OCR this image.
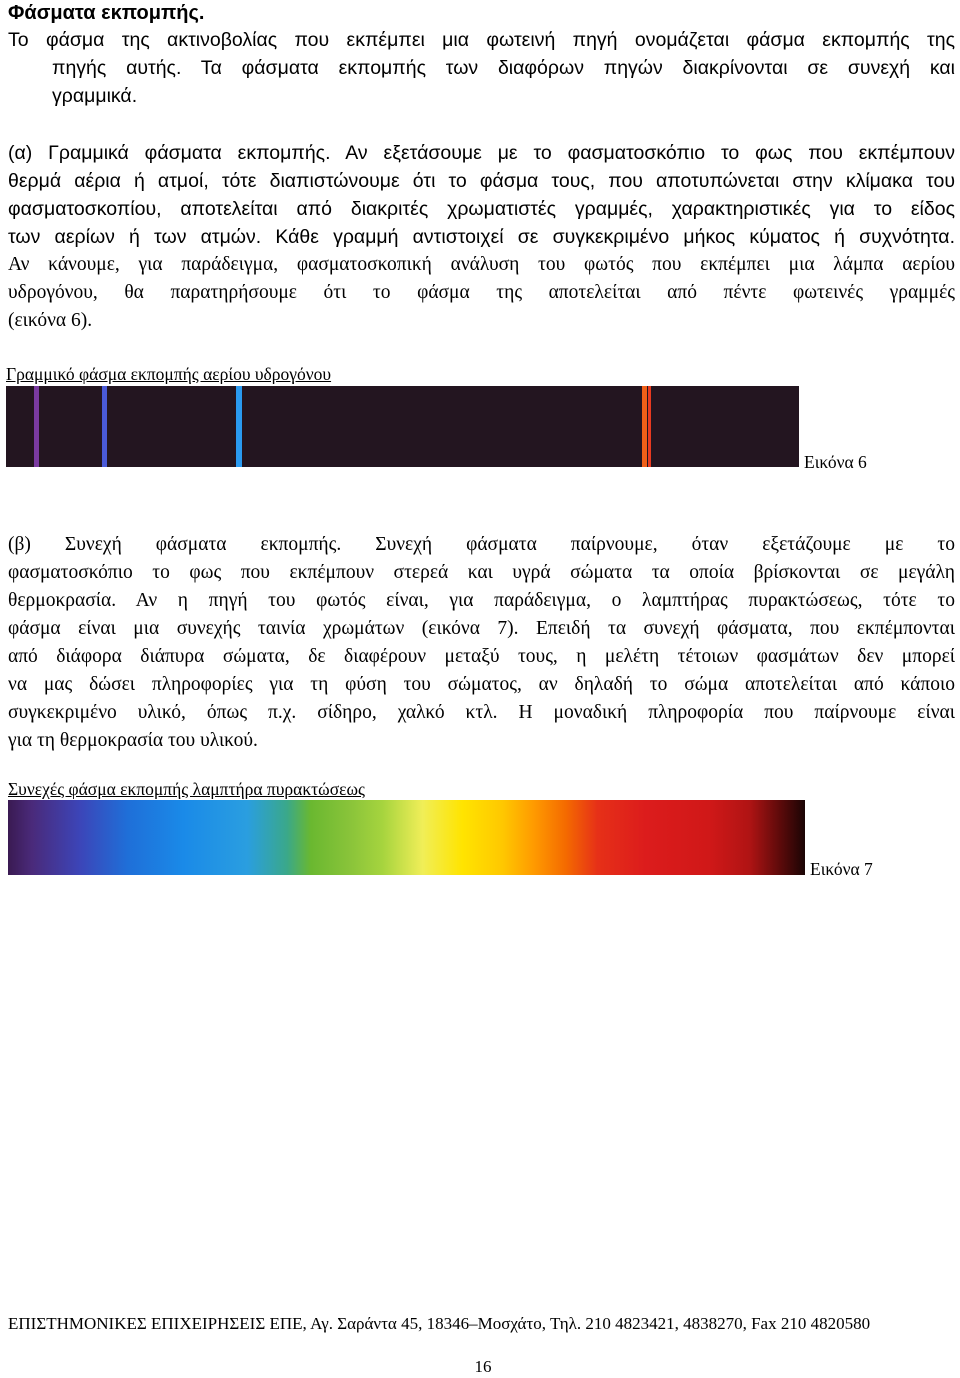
Φάσματα εκπομπής.
Το φάσμα της ακτινοβολίας που εκπέμπει μια φωτεινή πηγή ονομάζεται φάσμα εκπομπής της
πηγής αυτής. Τα φάσματα εκπομπής των διαφόρων πηγών διακρίνονται σε συνεχή και
γραμμικά.
(α) Γραμμικά φάσματα εκπομπής. Αν εξετάσουμε με το φασματοσκόπιο το φως που εκπέμπουν
θερμά αέρια ή ατμοί, τότε διαπιστώνουμε ότι το φάσμα τους, που αποτυπώνεται στην κλίμακα του
φασματοσκοπίου, αποτελείται από διακριτές χρωματιστές γραμμές, χαρακτηριστικές για το είδος
των αερίων ή των ατμών. Κάθε γραμμή αντιστοιχεί σε συγκεκριμένο μήκος κύματος ή συχνότητα.
Αν κάνουμε, για παράδειγμα, φασματοσκοπική ανάλυση του φωτός που εκπέμπει μια λάμπα αερίου
υδρογόνου, θα παρατηρήσουμε ότι το φάσμα της αποτελείται από πέντε φωτεινές γραμμές
(εικόνα 6).
Γραμμικό φάσμα εκπομπής αερίου υδρογόνου
Εικόνα 6
(β) Συνεχή φάσματα εκπομπής. Συνεχή φάσματα παίρνουμε, όταν εξετάζουμε με το
φασματοσκόπιο το φως που εκπέμπουν στερεά και υγρά σώματα τα οποία βρίσκονται σε μεγάλη
θερμοκρασία. Αν η πηγή του φωτός είναι, για παράδειγμα, ο λαμπτήρας πυρακτώσεως, τότε το
φάσμα είναι μια συνεχής ταινία χρωμάτων (εικόνα 7). Επειδή τα συνεχή φάσματα, που εκπέμπονται
από διάφορα διάπυρα σώματα, δε διαφέρουν μεταξύ τους, η μελέτη τέτοιων φασμάτων δεν μπορεί
να μας δώσει πληροφορίες για τη φύση του σώματος, αν δηλαδή το σώμα αποτελείται από κάποιο
συγκεκριμένο υλικό, όπως π.χ. σίδηρο, χαλκό κτλ. Η μοναδική πληροφορία που παίρνουμε είναι
για τη θερμοκρασία του υλικού.
Συνεχές φάσμα εκπομπής λαμπτήρα πυρακτώσεως
Εικόνα 7
ΕΠΙΣΤΗΜΟΝΙΚΕΣ ΕΠΙΧΕΙΡΗΣΕΙΣ ΕΠΕ, Αγ. Σαράντα 45, 18346–Μοσχάτο, Τηλ. 210 4823421, 4838270, Fax 210 4820580
16
